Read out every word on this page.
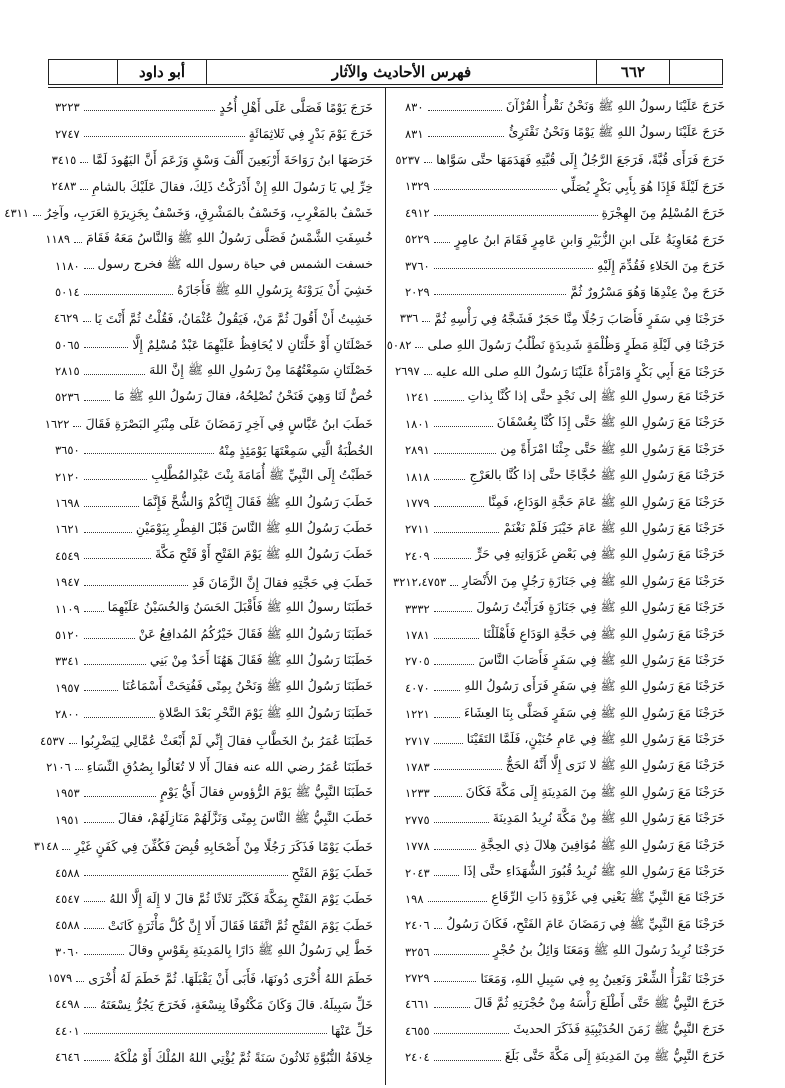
٦٦٢
فهرس الأحاديث والآثار
أبو داود
خَرَجَ عَلَيْنَا رسولُ اللهِ ﷺ وَنَحْنُ نَقْرأُ القُرْآنَ
٨٣٠
خَرَجَ عَلَيْنَا رسولُ اللهِ ﷺ يَوْمًا وَنَحْنُ نَقْتَرِئُ
٨٣١
خَرَجَ فَرَأَى قُبَّةً، فَرَجَعَ الرَّجُلُ إِلَى قُبَّتِهِ فَهَدَمَهَا حتَّى سَوَّاها
٥٢٣٧
خَرَجَ لَيْلَةً فَإِذَا هُوَ بِأَبِي بَكْرٍ يُصَلِّي
١٣٢٩
خَرَجَ المُسْلِمُ مِنَ الهِجْرَةِ
٤٩١٢
خَرَجَ مُعَاوِيَةُ عَلَى ابنِ الزُّبَيْرِ وَابنِ عَامِرٍ فَقَامَ ابنُ عامِرٍ
٥٢٢٩
خَرَجَ مِنَ الخَلاءِ فَقُدِّمَ إِلَيْهِ
٣٧٦٠
خَرَجَ مِنْ عِنْدِهَا وَهُوَ مَسْرُورٌ ثُمَّ
٢٠٢٩
خَرَجْنَا فِي سَفَرٍ فَأَصَابَ رَجُلًا مِنَّا حَجَرٌ فَشَجَّهُ فِي رَأْسِهِ ثُمَّ
٣٣٦
خَرَجْنَا فِي لَيْلَةِ مَطَرٍ وَظُلْمَةٍ شَدِيدَةٍ نَطْلُبُ رَسُولَ اللهِ صلى
٥٠٨٢
خَرَجْنَا مَعَ أَبِي بَكْرٍ وَامْرَأَةٌ عَلَيْنَا رَسُولُ اللهِ صلى الله عليه
٢٦٩٧
خَرَجْنَا مَعَ رسولِ اللهِ ﷺ إلى نَجْدٍ حتَّى إذا كُنَّا بِذاتِ
١٢٤١
خَرَجْنَا مَعَ رَسُولِ اللهِ ﷺ حَتَّى إِذَا كُنَّا بِعُسْفَانَ
١٨٠١
خَرَجْنَا مَعَ رَسُولِ اللهِ ﷺ حَتَّى جِئْنَا امْرَأَةً مِن
٢٨٩١
خَرَجْنَا مَعَ رَسُولِ اللهِ ﷺ حُجَّاجًا حتَّى إذا كُنَّا بالعَرْجِ
١٨١٨
خَرَجْنَا مَعَ رَسُولِ اللهِ ﷺ عَامَ حَجَّةِ الوَدَاعِ، فَمِنَّا
١٧٧٩
خَرَجْنَا مَعَ رَسُولِ اللهِ ﷺ عَامَ خَيْبَرَ فَلَمْ نَغْنَمْ
٢٧١١
خَرَجْنَا مَعَ رَسُولِ اللهِ ﷺ فِي بَعْضِ غَزَوَاتِهِ فِي حَرٍّ
٢٤٠٩
خَرَجْنَا مَعَ رَسُولِ اللهِ ﷺ فِي جَنَازَةِ رَجُلٍ مِنَ الأَنْصَارِ
٣٢١٢،٤٧٥٣
خَرَجْنَا مَعَ رَسُولِ اللهِ ﷺ فِي جَنَازَةٍ فَرَأَيْتُ رَسُولَ
٣٣٣٢
خَرَجْنَا مَعَ رَسُولِ اللهِ ﷺ فِي حَجَّةِ الوَدَاعِ فَأَهْلَلْنَا
١٧٨١
خَرَجْنَا مَعَ رَسُولِ اللهِ ﷺ فِي سَفَرٍ فَأَصَابَ النَّاسَ
٢٧٠٥
خَرَجْنَا مَعَ رَسُولِ اللهِ ﷺ فِي سَفَرٍ فَرَأَى رَسُولُ اللهِ
٤٠٧٠
خَرَجْنَا مَعَ رَسُولِ اللهِ ﷺ فِي سَفَرٍ فَصَلَّى بِنَا العِشَاءَ
١٢٢١
خَرَجْنَا مَعَ رَسُولِ اللهِ ﷺ فِي عَامِ حُنَيْنٍ، فَلَمَّا التَقَيْنَا
٢٧١٧
خَرَجْنَا مَعَ رَسُولِ اللهِ ﷺ لا نَرَى إِلَّا أَنَّهُ الحَجُّ
١٧٨٣
خَرَجْنَا مَعَ رَسُولِ اللهِ ﷺ مِنَ المَدِينَةِ إِلَى مَكَّةَ فَكَانَ
١٢٣٣
خَرَجْنَا مَعَ رَسُولِ اللهِ ﷺ مِنْ مَكَّةَ نُرِيدُ المَدِينَةَ
٢٧٧٥
خَرَجْنَا مَعَ رَسُولِ اللهِ ﷺ مُوَافِينَ هِلالَ ذِي الحِجَّةِ
١٧٧٨
خَرَجْنَا مَعَ رَسُولِ اللهِ ﷺ نُرِيدُ قُبُورَ الشُّهَدَاءِ حتَّى إذَا
٢٠٤٣
خَرَجْنَا مَعَ النَّبِيِّ ﷺ يَعْنِي فِي غَزْوَةِ ذَاتِ الرِّقَاعِ
١٩٨
خَرَجْنَا مَعَ النَّبِيِّ ﷺ فِي رَمَضَانَ عَامَ الفَتْحِ، فَكَانَ رَسُولُ
٢٤٠٦
خَرَجْنَا نُرِيدُ رَسُولَ اللهِ ﷺ وَمَعَنَا وَائِلُ بنُ حُجْرٍ
٣٢٥٦
خَرَجْنَا نَقْرَأُ الشِّعْرَ وَنَعِينُ بِهِ فِي سَبِيلِ اللهِ، وَمَعَنَا
٢٧٢٩
خَرَجَ النَّبِيُّ ﷺ حَتَّى أَطْلَعَ رَأْسَهُ مِنْ حُجْرَتِهِ ثُمَّ قَالَ
٤٦٦١
خَرَجَ النَّبِيُّ ﷺ زَمَنَ الحُدَيْبِيَةِ فَذَكَرَ الحديثَ
٤٦٥٥
خَرَجَ النَّبِيُّ ﷺ مِنَ المَدِينَةِ إِلَى مَكَّةَ حَتَّى بَلَغَ
٢٤٠٤
خَرَجَ يَوْمًا فَصَلَّى عَلَى أَهْلِ أُحُدٍ
٣٢٢٣
خَرَجَ يَوْمَ بَدْرٍ فِي ثَلاثِمَائَةٍ
٢٧٤٧
خَرَصَهَا ابنُ رَوَاحَةَ أَرْبَعِينَ أَلْفَ وَسْقٍ وَزَعَمَ أَنَّ اليَهُودَ لَمَّا
٣٤١٥
خِرِّ لِي يَا رَسُولَ اللهِ إِنْ أَدْرَكْتُ ذَلِكَ، فقالَ عَلَيْكَ بالشامِ
٢٤٨٣
خَسْفٌ بالمَغْرِبِ، وَخَسْفٌ بالمَشْرِقِ، وَخَسْفٌ بِجَزِيرَةِ العَرَبِ، وآخِرُ
٤٣١١
خُسِفَتِ الشَّمْسُ فَصَلَّى رَسُولُ اللهِ ﷺ وَالنَّاسُ مَعَهُ فَقَامَ
١١٨٩
خسفت الشمس في حياة رسول الله ﷺ فخرج رسول
١١٨٠
خَشِيَ أَنْ يَرَوْنَهُ بِرَسُولِ اللهِ ﷺ فَأَجَازَهُ
٥٠١٤
خَشِيتُ أَنْ أَقُولَ ثُمَّ مَنْ، فَيَقُولُ عُثْمَانُ، فَقُلْتُ ثُمَّ أَنْتَ يَا
٤٦٢٩
خَصْلَتَانِ أَوْ خَلَّتَانِ لا يُحَافِظُ عَلَيْهِمَا عَبْدٌ مُسْلِمٌ إِلَّا
٥٠٦٥
خَصْلَتَانِ سَمِعْتُهُمَا مِنْ رَسُولِ اللهِ ﷺ إِنَّ اللهَ
٢٨١٥
خُصٌّ لَنَا وَهِيَ فَنَحْنُ نُصْلِحُهُ، فقالَ رَسُولُ اللهِ ﷺ مَا
٥٢٣٦
خَطَبَ ابنُ عَبَّاسٍ فِي آخِرِ رَمَضَانَ عَلَى مِنْبَرِ البَصْرَةِ فَقَالَ
١٦٢٢
الخُطْبَةُ الَّتِي سَمِعْتَهَا يَوْمَئِذٍ مِنْهُ
٣٦٥٠
خَطَبْتُ إِلَى النَّبِيِّ ﷺ أُمَامَةَ بِنْتَ عَبْدِالمُطَّلِبِ
٢١٢٠
خَطَبَ رَسُولُ اللهِ ﷺ فَقَالَ إِيَّاكُمْ وَالشُّحَّ فَإِنَّمَا
١٦٩٨
خَطَبَ رَسُولُ اللهِ ﷺ النَّاسَ قَبْلَ الفِطْرِ بِيَوْمَيْنِ
١٦٢١
خَطَبَ رَسُولُ اللهِ ﷺ يَوْمَ الفَتْحِ أَوْ فَتْحِ مَكَّةَ
٤٥٤٩
خَطَبَ فِي حَجَّتِهِ فقالَ إِنَّ الزَّمَانَ قَدِ
١٩٤٧
خَطَبَنَا رسولُ اللهِ ﷺ فَأَقْبَلَ الحَسَنُ وَالحُسَيْنُ عَلَيْهِمَا
١١٠٩
خَطَبَنَا رَسُولُ اللهِ ﷺ فَقَالَ خَيْرُكُمُ المُدافِعُ عَنْ
٥١٢٠
خَطَبَنَا رَسُولُ اللهِ ﷺ فَقَالَ هَهُنَا أَحَدٌ مِنْ بَنِي
٣٣٤١
خَطَبَنَا رَسُولُ اللهِ ﷺ وَنَحْنُ بِمِنًى فَفُتِحَتْ أَسْمَاعُنَا
١٩٥٧
خَطَبَنَا رَسُولُ اللهِ ﷺ يَوْمَ النَّحْرِ بَعْدَ الصَّلاةِ
٢٨٠٠
خَطَبَنَا عُمَرُ بنُ الخَطَّابِ فقالَ إِنِّي لَمْ أَبْعَثْ عُمَّالِي لِيَضْرِبُوا
٤٥٣٧
خَطَبَنَا عُمَرُ رضي الله عنه فقالَ أَلا لا تُغَالُوا بِصُدُقِ النِّسَاءِ
٢١٠٦
خَطَبَنَا النَّبِيُّ ﷺ يَوْمَ الرُّؤوسِ فقالَ أَيُّ يَوْمٍ
١٩٥٣
خَطَبَ النَّبِيُّ ﷺ النَّاسَ بِمِنًى وَنَزَّلَهُمْ مَنَازِلَهُمْ، فقالَ
١٩٥١
خَطَبَ يَوْمًا فَذَكَرَ رَجُلًا مِنْ أَصْحَابِهِ قُبِضَ فَكُفِّنَ فِي كَفَنٍ غَيْرِ
٣١٤٨
خَطَبَ يَوْمَ الفَتْحِ
٤٥٨٨
خَطَبَ يَوْمَ الفَتْحِ بِمَكَّةَ فَكَبَّرَ ثَلاثًا ثُمَّ قالَ لا إِلَهَ إِلَّا اللهُ
٤٥٤٧
خَطَبَ يَوْمَ الفَتْحِ ثُمَّ اتَّفَقَا فَقَالَ أَلا إِنَّ كُلَّ مَأْثَرَةٍ كَانَتْ
٤٥٨٨
خَطَّ لِي رَسُولُ اللهِ ﷺ دَارًا بِالمَدِينَةِ بِقَوْسٍ وقالَ
٣٠٦٠
خَطَمَ اللهُ أُخْرَى دُونَهَا، فَأَبَى أَنْ يَقْبَلَهَا. ثُمَّ خَطَمَ لَهُ أُخْرَى
١٥٧٩
خَلِّ سَبِيلَهُ. قالَ وَكَانَ مَكْتُوفًا بِنِسْعَةٍ، فَخَرَجَ يَجُرُّ نِسْعَتَهُ
٤٤٩٨
خَلِّ عَنْهَا
٤٤٠١
خِلافَةُ النُّبُوَّةِ ثَلاثُونَ سَنَةً ثُمَّ يُؤْتِي اللهُ المُلْكَ أَوْ مُلْكَهُ
٤٦٤٦
